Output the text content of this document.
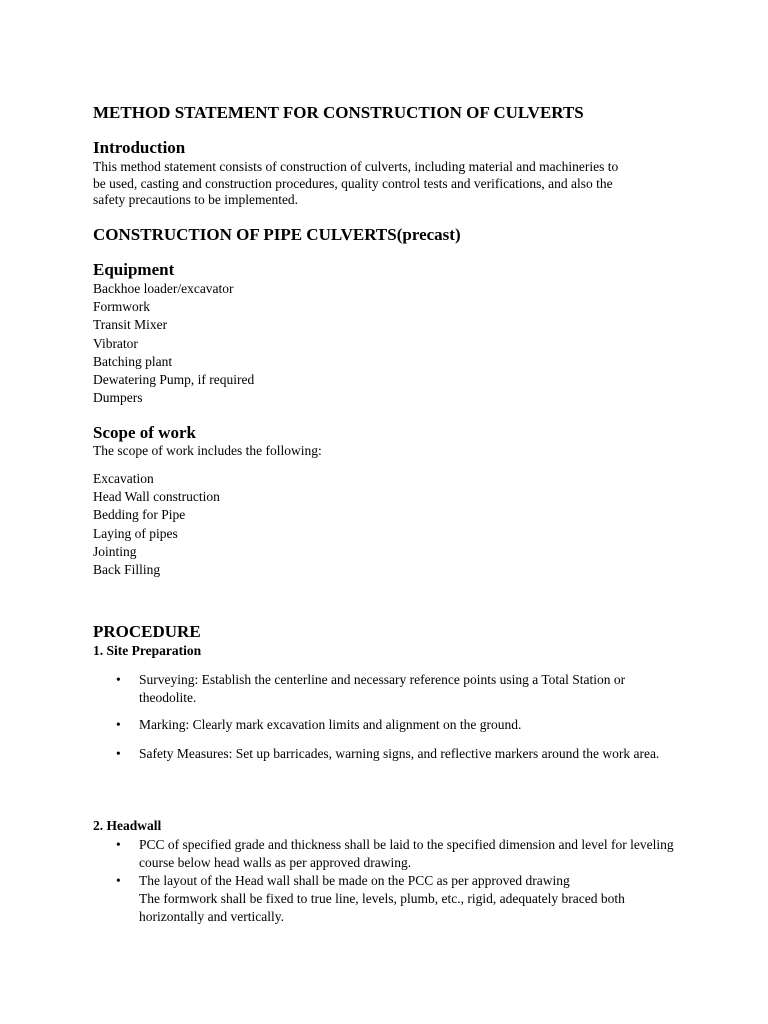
METHOD STATEMENT FOR CONSTRUCTION OF CULVERTS
Introduction

This method statement consists of construction of culverts, including material and machineries to be used, casting and construction procedures, quality control tests and verifications, and also the safety precautions to be implemented.

CONSTRUCTION OF PIPE CULVERTS(precast)
Equipment
Backhoe loader/excavator
Formwork
Transit Mixer
Vibrator
Batching plant
Dewatering Pump, if required
Dumpers
Scope of work

The scope of work includes the following:

Excavation
Head Wall construction
Bedding for Pipe
Laying of pipes
Jointing
Back Filling
PROCEDURE
1. Site Preparation
• Surveying: Establish the centerline and necessary reference points using a Total Station or theodolite.
• Marking: Clearly mark excavation limits and alignment on the ground.
• Safety Measures: Set up barricades, warning signs, and reflective markers around the work area.
2. Headwall
• PCC of specified grade and thickness shall be laid to the specified dimension and level for leveling course below head walls as per approved drawing.
• The layout of the Head wall shall be made on the PCC as per approved drawing
The formwork shall be fixed to true line, levels, plumb, etc., rigid, adequately braced both horizontally and vertically.
